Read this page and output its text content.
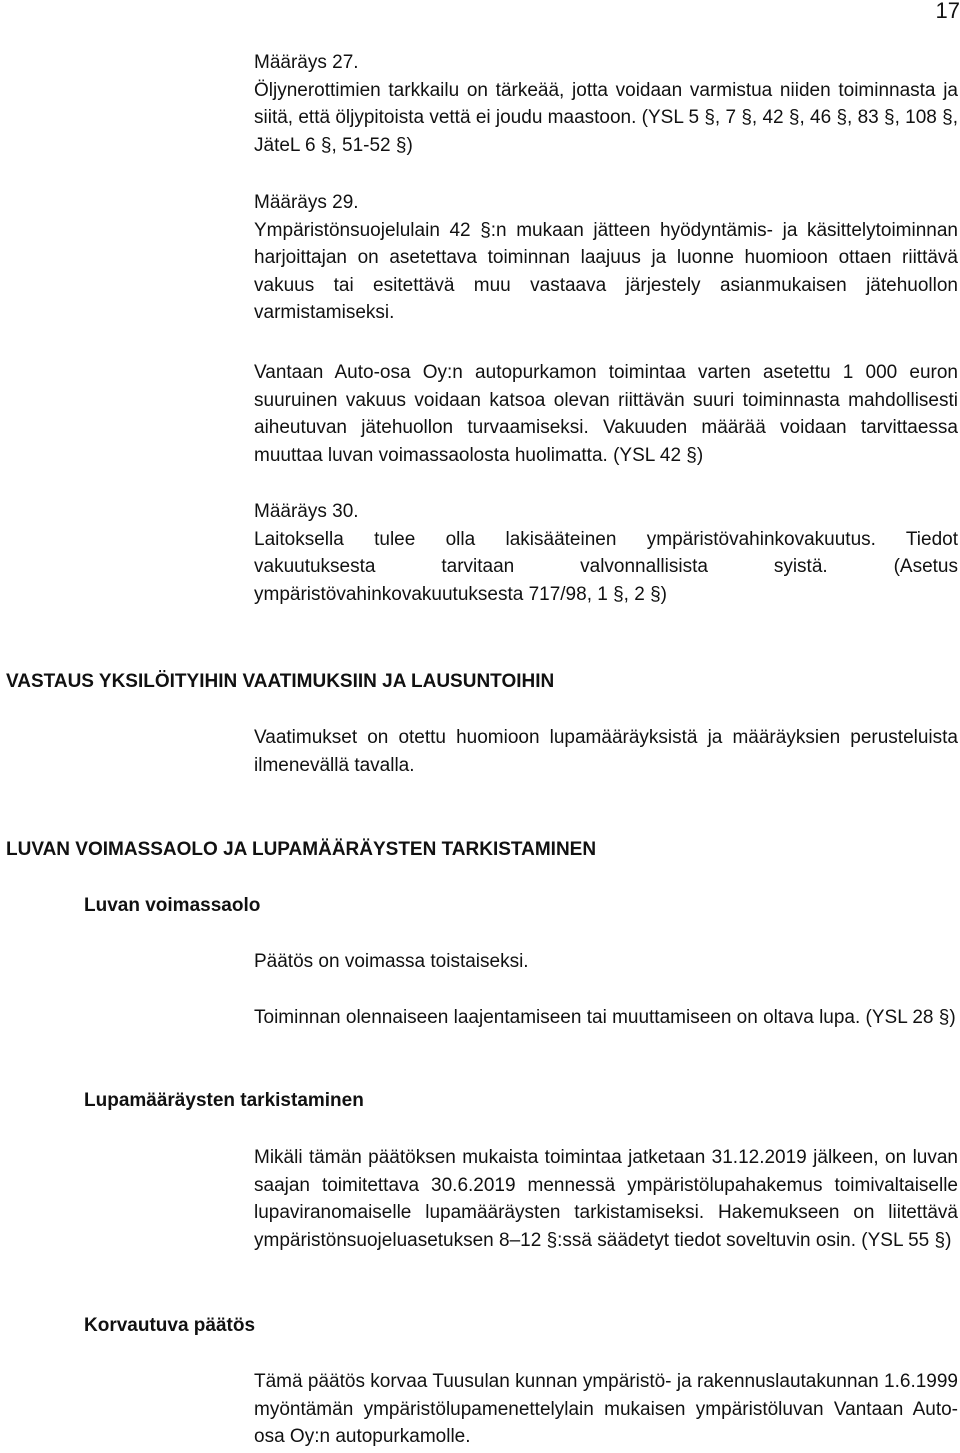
17
Määräys 27.
Öljynerottimien tarkkailu on tärkeää, jotta voidaan varmistua niiden toiminnasta ja siitä, että öljypitoista vettä ei joudu maastoon. (YSL 5 §, 7 §, 42 §, 46 §, 83 §, 108 §, JäteL 6 §, 51-52 §)
Määräys 29.
Ympäristönsuojelulain 42 §:n mukaan jätteen hyödyntämis- ja käsittelytoiminnan harjoittajan on asetettava toiminnan laajuus ja luonne huomioon ottaen riittävä vakuus tai esitettävä muu vastaava järjestely asianmukaisen jätehuollon varmistamiseksi.
Vantaan Auto-osa Oy:n autopurkamon toimintaa varten asetettu 1 000 euron suuruinen vakuus voidaan katsoa olevan riittävän suuri toiminnasta mahdollisesti aiheutuvan jätehuollon turvaamiseksi. Vakuuden määrää voidaan tarvittaessa muuttaa luvan voimassaolosta huolimatta. (YSL 42 §)
Määräys 30.
Laitoksella tulee olla lakisääteinen ympäristövahinkovakuutus. Tiedot vakuutuksesta tarvitaan valvonnallisista syistä. (Asetus ympäristövahinkovakuutuksesta 717/98, 1 §, 2 §)
VASTAUS YKSILÖITYIHIN VAATIMUKSIIN JA LAUSUNTOIHIN
Vaatimukset on otettu huomioon lupamääräyksistä ja määräyksien perusteluista ilmenevällä tavalla.
LUVAN VOIMASSAOLO JA LUPAMÄÄRÄYSTEN TARKISTAMINEN
Luvan voimassaolo
Päätös on voimassa toistaiseksi.
Toiminnan olennaiseen laajentamiseen tai muuttamiseen on oltava lupa. (YSL 28 §)
Lupamääräysten tarkistaminen
Mikäli tämän päätöksen mukaista toimintaa jatketaan 31.12.2019 jälkeen, on luvan saajan toimitettava 30.6.2019 mennessä ympäristölupahakemus toimivaltaiselle lupaviranomaiselle lupamääräysten tarkistamiseksi. Hakemukseen on liitettävä ympäristönsuojeluasetuksen 8–12 §:ssä säädetyt tiedot soveltuvin osin. (YSL 55 §)
Korvautuva päätös
Tämä päätös korvaa Tuusulan kunnan ympäristö- ja rakennuslautakunnan 1.6.1999 myöntämän ympäristölupamenettelylain mukaisen ympäristöluvan Vantaan Auto-osa Oy:n autopurkamolle.
